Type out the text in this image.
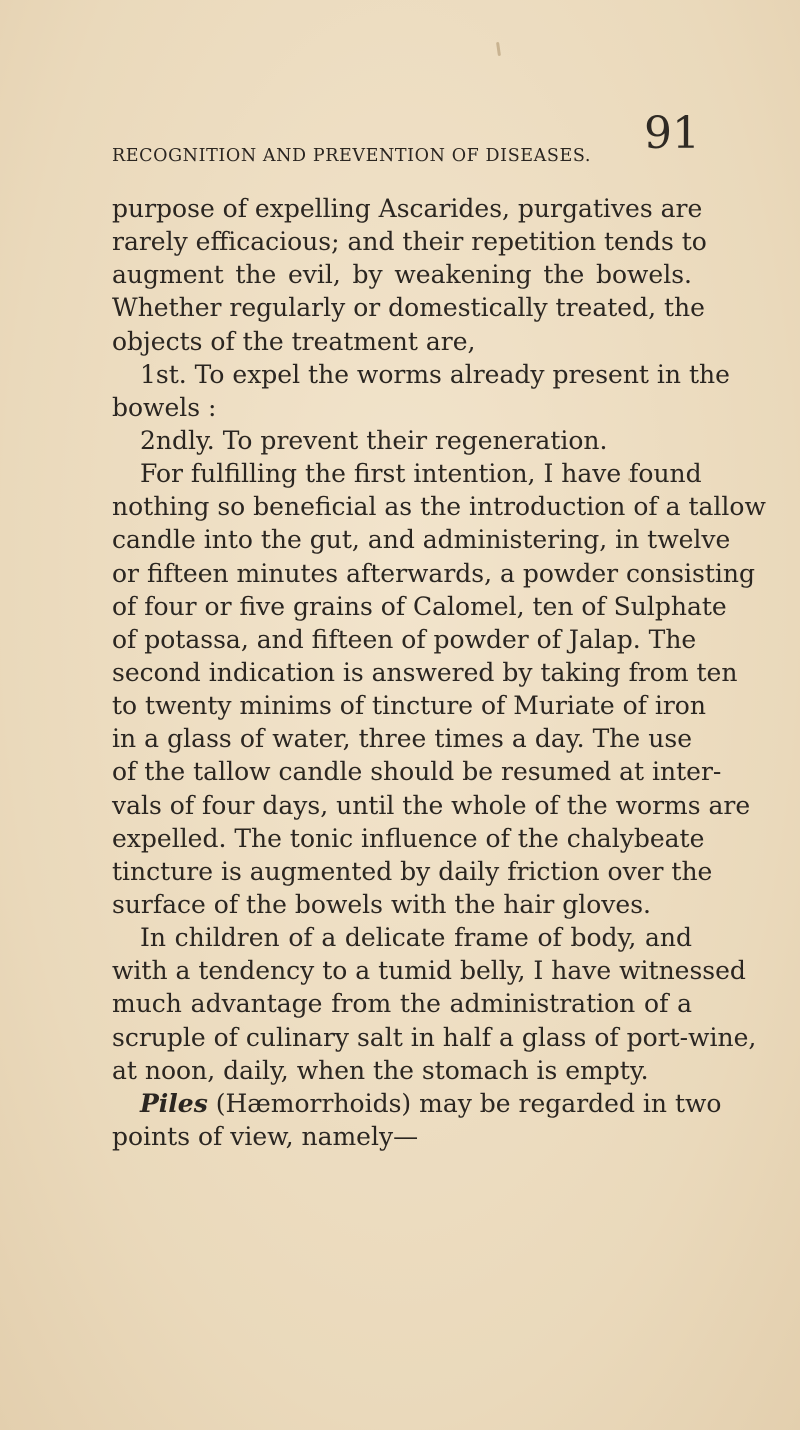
RECOGNITION AND PREVENTION OF DISEASES. 91
purpose of expelling Ascarides, purgatives are
rarely efficacious; and their repetition tends to
augment the evil, by weakening the bowels.
Whether regularly or domestically treated, the
objects of the treatment are,
1st. To expel the worms already present in the
bowels :
2ndly. To prevent their regeneration.
For fulfilling the first intention, I have found
nothing so beneficial as the introduction of a tallow
candle into the gut, and administering, in twelve
or fifteen minutes afterwards, a powder consisting
of four or five grains of Calomel, ten of Sulphate
of potassa, and fifteen of powder of Jalap. The
second indication is answered by taking from ten
to twenty minims of tincture of Muriate of iron
in a glass of water, three times a day. The use
of the tallow candle should be resumed at inter-
vals of four days, until the whole of the worms are
expelled. The tonic influence of the chalybeate
tincture is augmented by daily friction over the
surface of the bowels with the hair gloves.
In children of a delicate frame of body, and
with a tendency to a tumid belly, I have witnessed
much advantage from the administration of a
scruple of culinary salt in half a glass of port-wine,
at noon, daily, when the stomach is empty.
Piles (Hæmorrhoids) may be regarded in two
points of view, namely—
